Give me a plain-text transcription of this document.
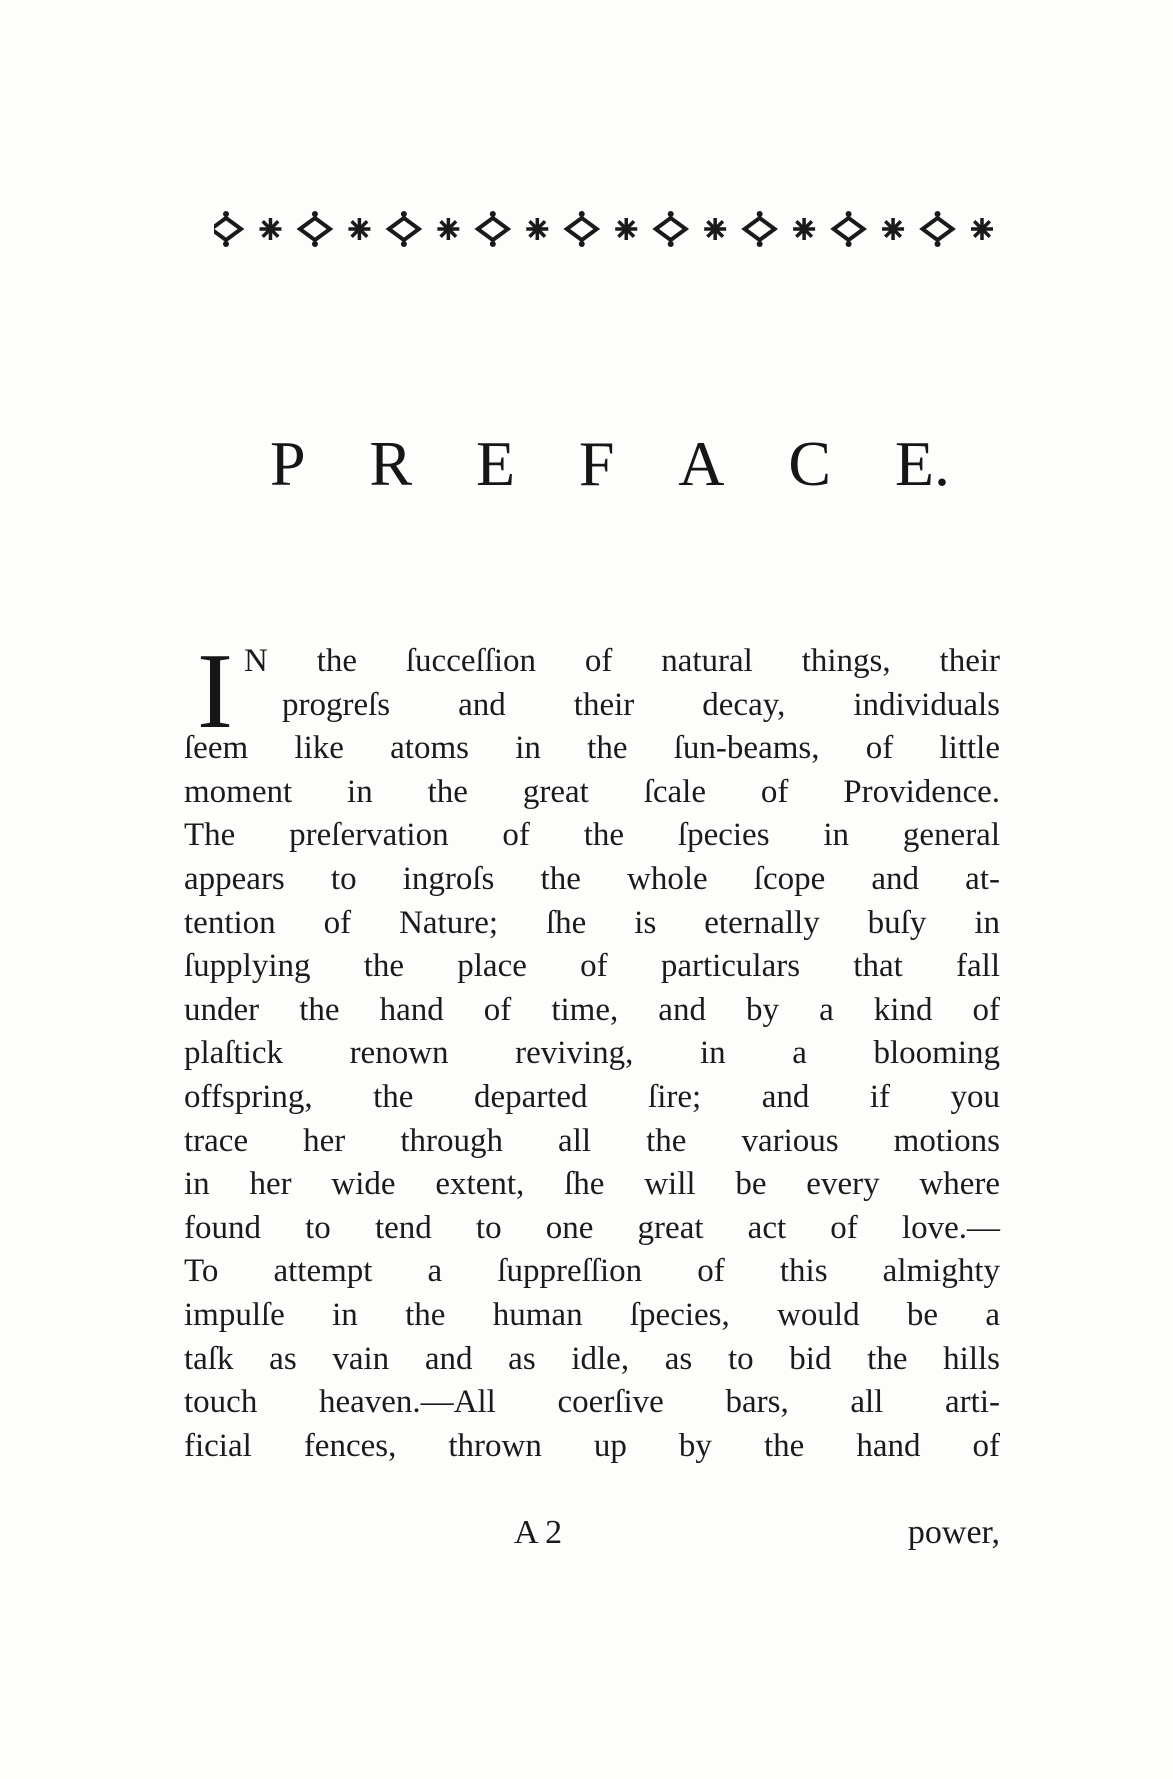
P R E F A C E.
I N the ſucceſſion of natural things, their
progreſs and their decay, individuals
ſeem like atoms in the ſun-beams, of little
moment in the great ſcale of Providence.
The preſervation of the ſpecies in general
appears to ingroſs the whole ſcope and at-
tention of Nature; ſhe is eternally buſy in
ſupplying the place of particulars that fall
under the hand of time, and by a kind of
plaſtick renown reviving, in a blooming
offspring, the departed ſire; and if you
trace her through all the various motions
in her wide extent, ſhe will be every where
found to tend to one great act of love.—
To attempt a ſuppreſſion of this almighty
impulſe in the human ſpecies, would be a
taſk as vain and as idle, as to bid the hills
touch heaven.—All coerſive bars, all arti-
ficial fences, thrown up by the hand of
A 2	power,
